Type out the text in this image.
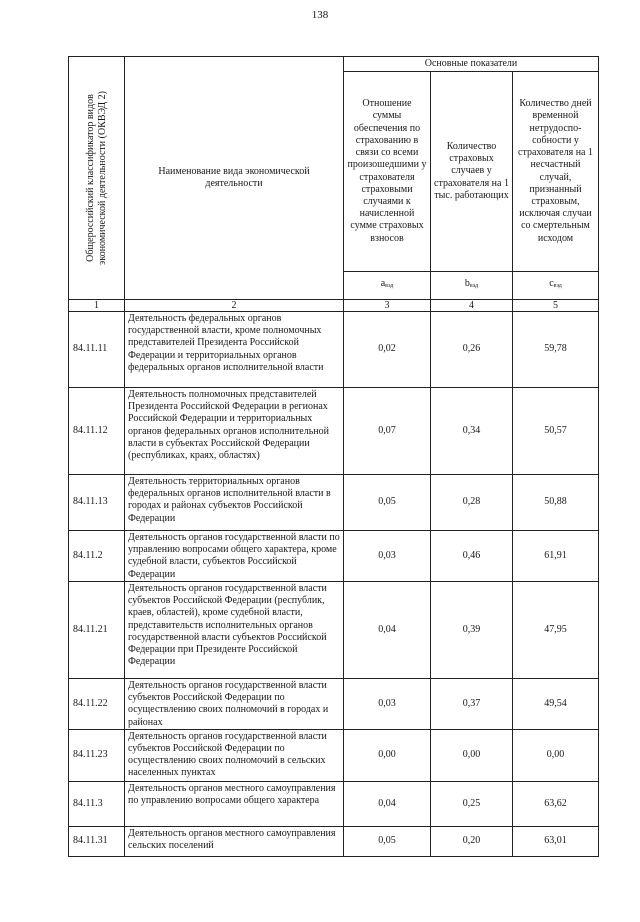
138
Общероссийский классификатор видов экономической деятельности (ОКВЭД 2)	Наименование вида экономической деятельности	Основные показатели		
		Отношение суммы обеспечения по страхованию в связи со всеми произошедшими у страхователя страховыми случаями к начисленной сумме страховых взносов	Количество страховых случаев у страхователя на 1 тыс. работающих	Количество дней временной нетрудоспо-собности у страхователя на 1 несчастный случай, признанный страховым, исключая случаи со смертельным исходом
		$a_{вэд}$	$b_{вэд}$	$c_{вэд}$
1	2	3	4	5
84.11.11	Деятельность федеральных органов государственной власти, кроме полномочных представителей Президента Российской Федерации и территориальных органов федеральных органов исполнительной власти	0,02	0,26	59,78
84.11.12	Деятельность полномочных представителей Президента Российской Федерации в регионах Российской Федерации и территориальных органов федеральных органов исполнительной власти в субъектах Российской Федерации (республиках, краях, областях)	0,07	0,34	50,57
84.11.13	Деятельность территориальных органов федеральных органов исполнительной власти в городах и районах субъектов Российской Федерации	0,05	0,28	50,88
84.11.2	Деятельность органов государственной власти по управлению вопросами общего характера, кроме судебной власти, субъектов Российской Федерации	0,03	0,46	61,91
84.11.21	Деятельность органов государственной власти субъектов Российской Федерации (республик, краев, областей), кроме судебной власти, представительств исполнительных органов государственной власти субъектов Российской Федерации при Президенте Российской Федерации	0,04	0,39	47,95
84.11.22	Деятельность органов государственной власти субъектов Российской Федерации по осуществлению своих полномочий в городах и районах	0,03	0,37	49,54
84.11.23	Деятельность органов государственной власти субъектов Российской Федерации по осуществлению своих полномочий в сельских населенных пунктах	0,00	0,00	0,00
84.11.3	Деятельность органов местного самоуправления по управлению вопросами общего характера	0,04	0,25	63,62
84.11.31	Деятельность органов местного самоуправления сельских поселений	0,05	0,20	63,01
